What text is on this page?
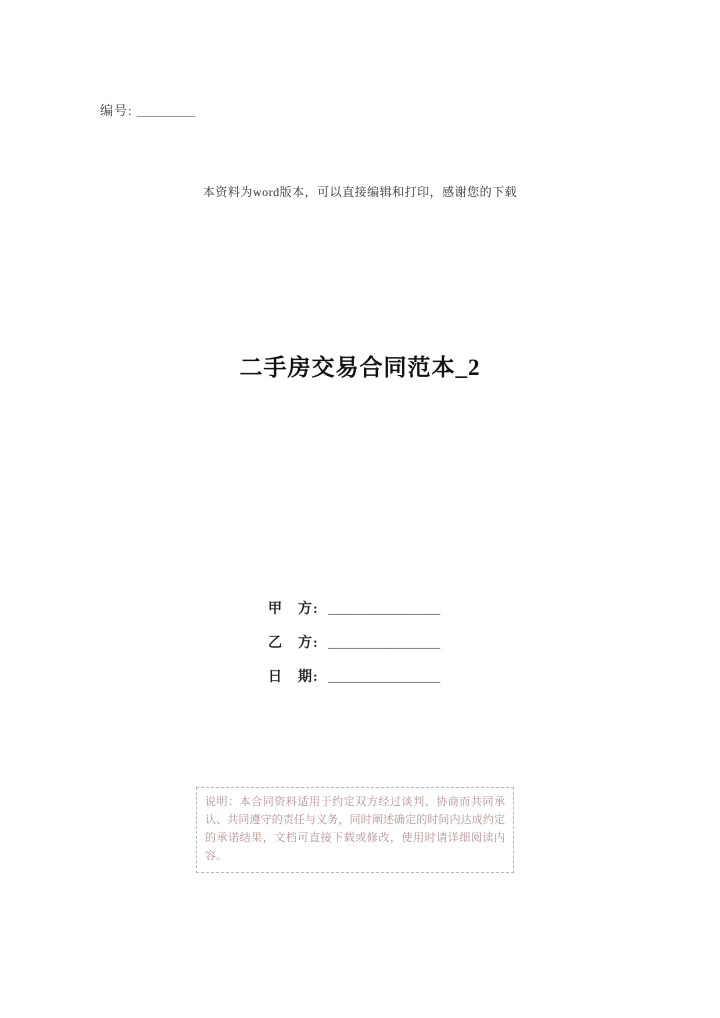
编号: _________
本资料为word版本，可以直接编辑和打印，感谢您的下载
二手房交易合同范本_2
甲　方: ________________
乙　方: ________________
日　期: ________________
说明：本合同资料适用于约定双方经过谈判、协商而共同承认、共同遵守的责任与义务，同时阐述确定的时间内达成约定的承诺结果，文档可直接下载或修改，使用时请详细阅读内容。
